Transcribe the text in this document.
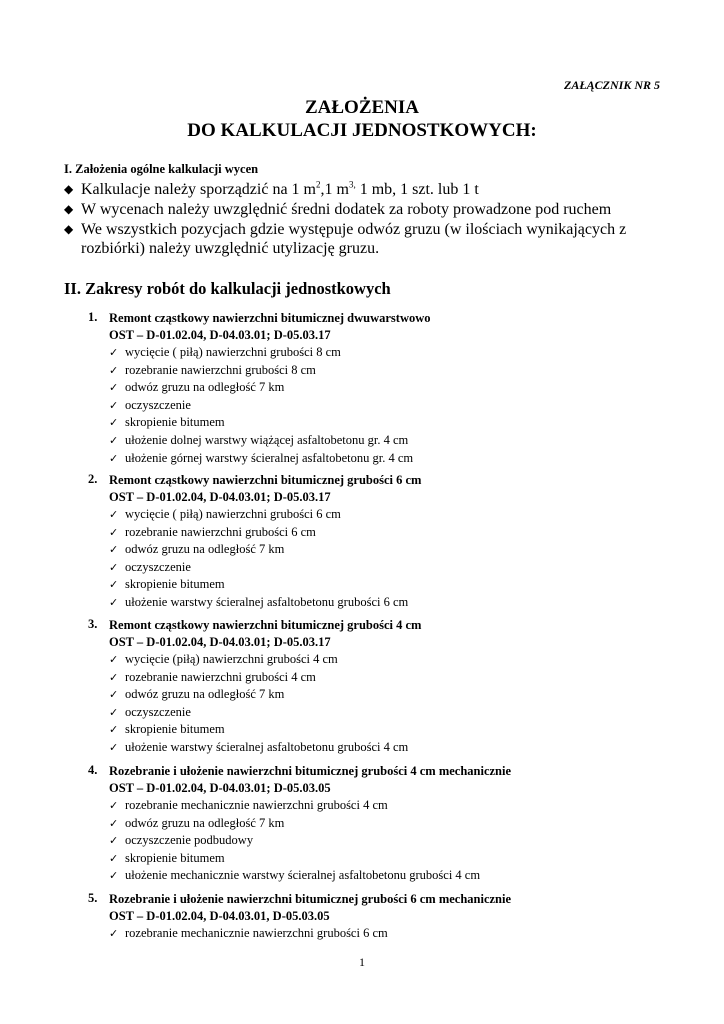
ZAŁĄCZNIK NR 5
ZAŁOŻENIA
DO KALKULACJI JEDNOSTKOWYCH:
I. Założenia ogólne kalkulacji wycen
◆ Kalkulacje należy sporządzić na 1 $m^2,1$ $m^{3,}$ 1 mb, 1 szt. lub 1 t
◆ W wycenach należy uwzględnić średni dodatek za roboty prowadzone pod ruchem
◆ We wszystkich pozycjach gdzie występuje odwóz gruzu (w ilościach wynikających z rozbiórki) należy uwzględnić utylizację gruzu.
II. Zakresy robót do kalkulacji jednostkowych
1. Remont cząstkowy nawierzchni bitumicznej dwuwarstwowo
OST – D-01.02.04, D-04.03.01; D-05.03.17
✓ wycięcie ( piłą) nawierzchni grubości 8 cm
✓ rozebranie nawierzchni grubości 8 cm
✓ odwóz gruzu na odległość 7 km
✓ oczyszczenie
✓ skropienie bitumem
✓ ułożenie dolnej warstwy wiążącej asfaltobetonu gr. 4 cm
✓ ułożenie górnej warstwy ścieralnej asfaltobetonu gr. 4 cm
2. Remont cząstkowy nawierzchni bitumicznej grubości 6 cm
OST – D-01.02.04, D-04.03.01; D-05.03.17
✓ wycięcie ( piłą) nawierzchni grubości 6 cm
✓ rozebranie nawierzchni grubości 6 cm
✓ odwóz gruzu na odległość 7 km
✓ oczyszczenie
✓ skropienie bitumem
✓ ułożenie warstwy ścieralnej asfaltobetonu grubości 6 cm
3. Remont cząstkowy nawierzchni bitumicznej grubości 4 cm
OST – D-01.02.04, D-04.03.01; D-05.03.17
✓ wycięcie (piłą) nawierzchni grubości 4 cm
✓ rozebranie nawierzchni grubości 4 cm
✓ odwóz gruzu na odległość 7 km
✓ oczyszczenie
✓ skropienie bitumem
✓ ułożenie warstwy ścieralnej asfaltobetonu grubości 4 cm
4. Rozebranie i ułożenie nawierzchni bitumicznej grubości 4 cm mechanicznie
OST – D-01.02.04, D-04.03.01; D-05.03.05
✓ rozebranie mechanicznie nawierzchni grubości 4 cm
✓ odwóz gruzu na odległość 7 km
✓ oczyszczenie podbudowy
✓ skropienie bitumem
✓ ułożenie mechanicznie warstwy ścieralnej asfaltobetonu grubości 4 cm
5. Rozebranie i ułożenie nawierzchni bitumicznej grubości 6 cm mechanicznie
OST – D-01.02.04, D-04.03.01, D-05.03.05
✓ rozebranie mechanicznie nawierzchni grubości 6 cm
1
